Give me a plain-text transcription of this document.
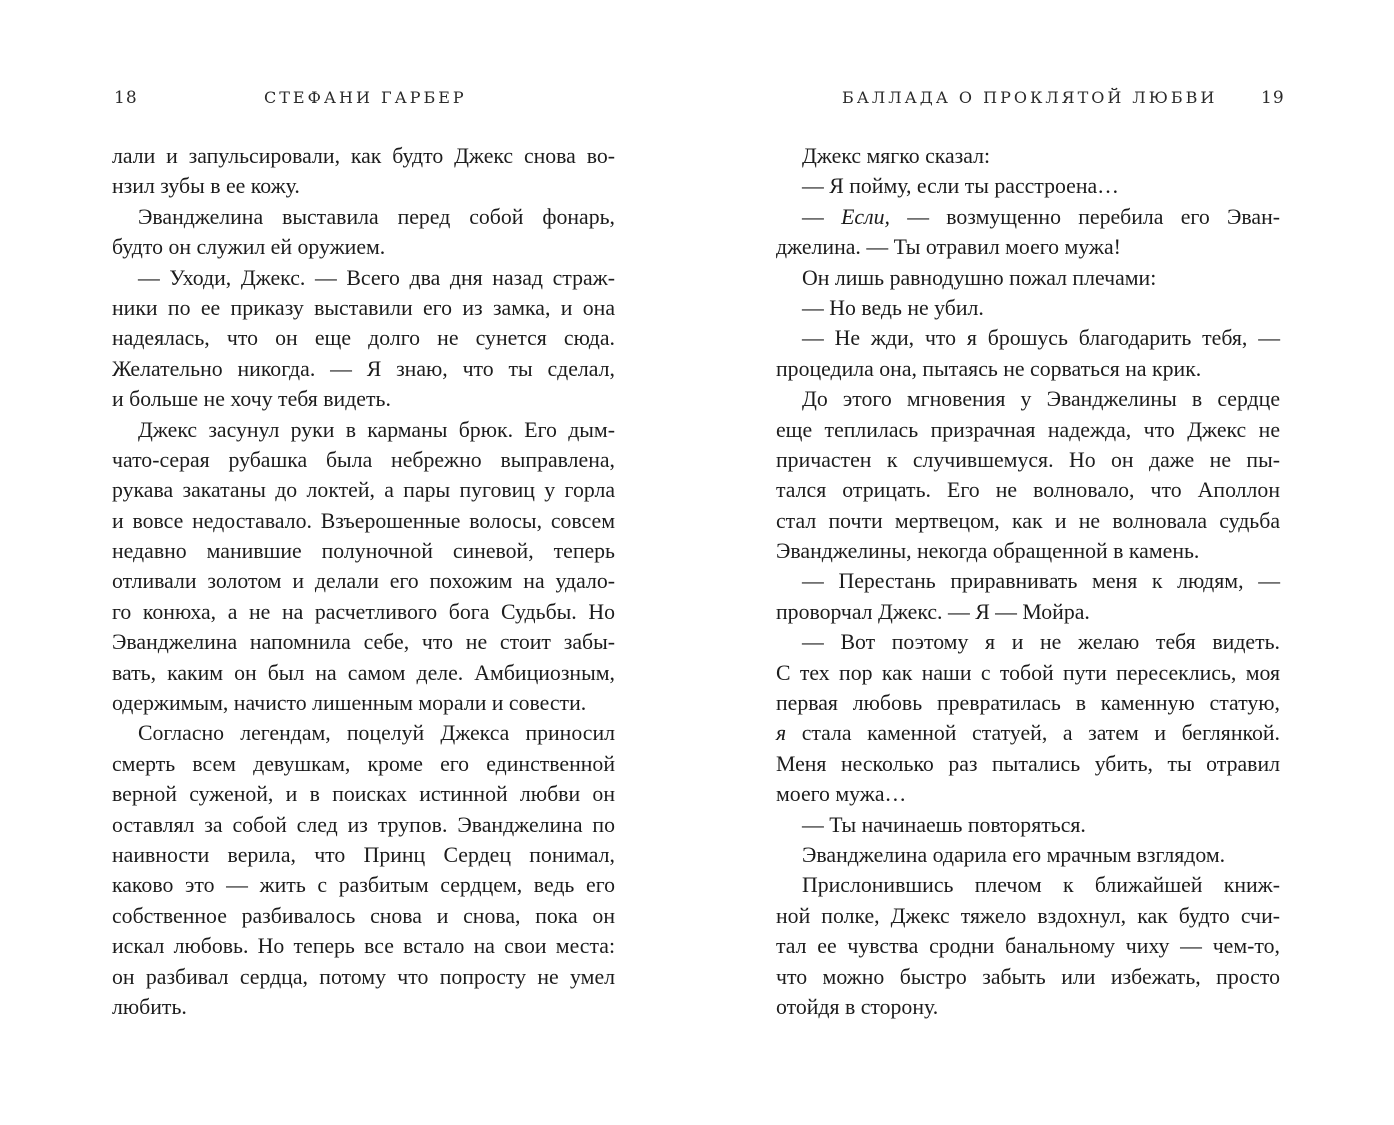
18	СТЕФАНИ ГАРБЕР
лали и запульсировали, как будто Джекс снова во-
нзил зубы в ее кожу.
Эванджелина выставила перед собой фонарь,
будто он служил ей оружием.
— Уходи, Джекс. — Всего два дня назад страж-
ники по ее приказу выставили его из замка, и она
надеялась, что он еще долго не сунется сюда.
Желательно никогда. — Я знаю, что ты сделал,
и больше не хочу тебя видеть.
Джекс засунул руки в карманы брюк. Его дым-
чато-серая рубашка была небрежно выправлена,
рукава закатаны до локтей, а пары пуговиц у горла
и вовсе недоставало. Взъерошенные волосы, совсем
недавно манившие полуночной синевой, теперь
отливали золотом и делали его похожим на удало-
го конюха, а не на расчетливого бога Судьбы. Но
Эванджелина напомнила себе, что не стоит забы-
вать, каким он был на самом деле. Амбициозным,
одержимым, начисто лишенным морали и совести.
Согласно легендам, поцелуй Джекса приносил
смерть всем девушкам, кроме его единственной
верной суженой, и в поисках истинной любви он
оставлял за собой след из трупов. Эванджелина по
наивности верила, что Принц Сердец понимал,
каково это — жить с разбитым сердцем, ведь его
собственное разбивалось снова и снова, пока он
искал любовь. Но теперь все встало на свои места:
он разбивал сердца, потому что попросту не умел
любить.
БАЛЛАДА О ПРОКЛЯТОЙ ЛЮБВИ	19
Джекс мягко сказал:
— Я пойму, если ты расстроена…
— Если, — возмущенно перебила его Эван-
джелина. — Ты отравил моего мужа!
Он лишь равнодушно пожал плечами:
— Но ведь не убил.
— Не жди, что я брошусь благодарить тебя, —
процедила она, пытаясь не сорваться на крик.
До этого мгновения у Эванджелины в сердце
еще теплилась призрачная надежда, что Джекс не
причастен к случившемуся. Но он даже не пы-
тался отрицать. Его не волновало, что Аполлон
стал почти мертвецом, как и не волновала судьба
Эванджелины, некогда обращенной в камень.
— Перестань приравнивать меня к людям, —
проворчал Джекс. — Я — Мойра.
— Вот поэтому я и не желаю тебя видеть.
С тех пор как наши с тобой пути пересеклись, моя
первая любовь превратилась в каменную статую,
я стала каменной статуей, а затем и беглянкой.
Меня несколько раз пытались убить, ты отравил
моего мужа…
— Ты начинаешь повторяться.
Эванджелина одарила его мрачным взглядом.
Прислонившись плечом к ближайшей книж-
ной полке, Джекс тяжело вздохнул, как будто счи-
тал ее чувства сродни банальному чиху — чем-то,
что можно быстро забыть или избежать, просто
отойдя в сторону.
